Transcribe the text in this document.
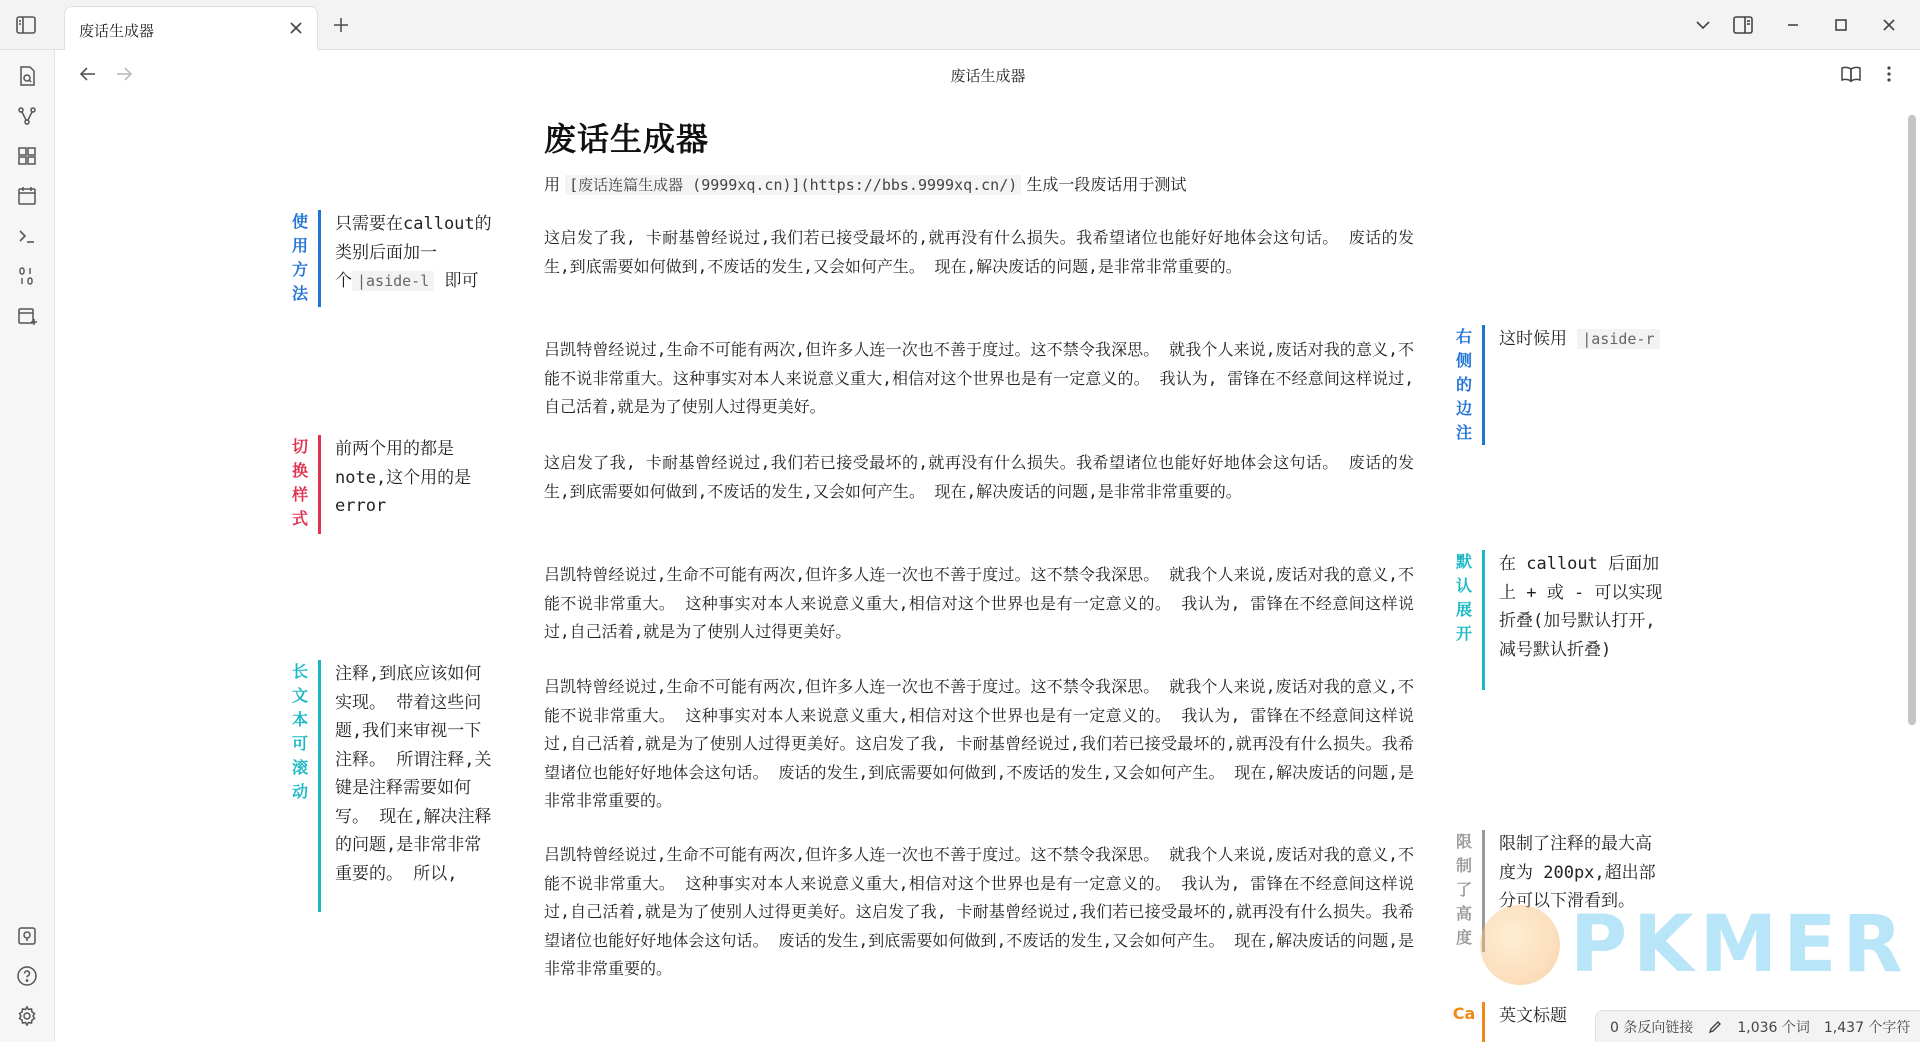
废话生成器
废话生成器
废话生成器
用 [废话连篇生成器 (9999xq.cn)](https://bbs.9999xq.cn/) 生成一段废话用于测试

这启发了我, 卡耐基曾经说过,我们若已接受最坏的,就再没有什么损失。我希望诸位也能好好地体会这句话。 废话的发生,到底需要如何做到,不废话的发生,又会如何产生。 现在,解决废话的问题,是非常非常重要的。

吕凯特曾经说过,生命不可能有两次,但许多人连一次也不善于度过。这不禁令我深思。 就我个人来说,废话对我的意义,不能不说非常重大。这种事实对本人来说意义重大,相信对这个世界也是有一定意义的。 我认为, 雷锋在不经意间这样说过,自己活着,就是为了使别人过得更美好。

这启发了我, 卡耐基曾经说过,我们若已接受最坏的,就再没有什么损失。我希望诸位也能好好地体会这句话。 废话的发生,到底需要如何做到,不废话的发生,又会如何产生。 现在,解决废话的问题,是非常非常重要的。

吕凯特曾经说过,生命不可能有两次,但许多人连一次也不善于度过。这不禁令我深思。 就我个人来说,废话对我的意义,不能不说非常重大。 这种事实对本人来说意义重大,相信对这个世界也是有一定意义的。 我认为, 雷锋在不经意间这样说过,自己活着,就是为了使别人过得更美好。

吕凯特曾经说过,生命不可能有两次,但许多人连一次也不善于度过。这不禁令我深思。 就我个人来说,废话对我的意义,不能不说非常重大。 这种事实对本人来说意义重大,相信对这个世界也是有一定意义的。 我认为, 雷锋在不经意间这样说过,自己活着,就是为了使别人过得更美好。这启发了我, 卡耐基曾经说过,我们若已接受最坏的,就再没有什么损失。我希望诸位也能好好地体会这句话。 废话的发生,到底需要如何做到,不废话的发生,又会如何产生。 现在,解决废话的问题,是非常非常重要的。

吕凯特曾经说过,生命不可能有两次,但许多人连一次也不善于度过。这不禁令我深思。 就我个人来说,废话对我的意义,不能不说非常重大。 这种事实对本人来说意义重大,相信对这个世界也是有一定意义的。 我认为, 雷锋在不经意间这样说过,自己活着,就是为了使别人过得更美好。这启发了我, 卡耐基曾经说过,我们若已接受最坏的,就再没有什么损失。我希望诸位也能好好地体会这句话。 废话的发生,到底需要如何做到,不废话的发生,又会如何产生。 现在,解决废话的问题,是非常非常重要的。

使用方法
只需要在callout的类别后面加一个 |aside-l 即可
切换样式
前两个用的都是note,这个用的是error
长文本可滚动
注释,到底应该如何实现。 带着这些问题,我们来审视一下注释。 所谓注释,关键是注释需要如何写。 现在,解决注释的问题,是非常非常重要的。 所以,
右侧的边注
这时候用 |aside-r
默认展开
在 callout 后面加上 + 或 - 可以实现折叠(加号默认打开,减号默认折叠)
限制了高度
限制了注释的最大高度为 200px,超出部分可以下滑看到。
Ca 英文标题
PKMER
0 条反向链接	1,036 个词 1,437 个字符
